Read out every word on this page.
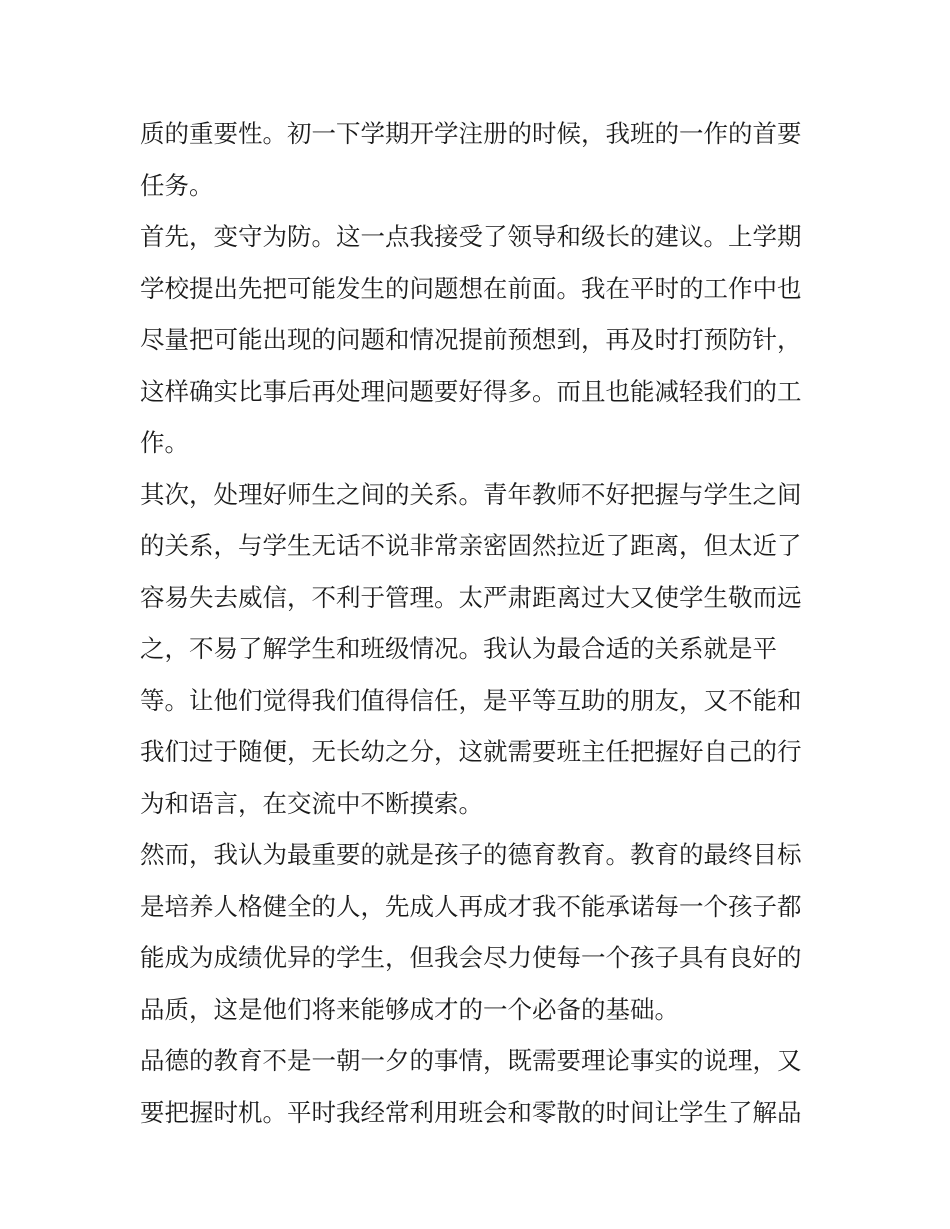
质的重要性。初一下学期开学注册的时候，我班的一作的首要
任务。
首先，变守为防。这一点我接受了领导和级长的建议。上学期
学校提出先把可能发生的问题想在前面。我在平时的工作中也
尽量把可能出现的问题和情况提前预想到，再及时打预防针，
这样确实比事后再处理问题要好得多。而且也能减轻我们的工
作。
其次，处理好师生之间的关系。青年教师不好把握与学生之间
的关系，与学生无话不说非常亲密固然拉近了距离，但太近了
容易失去威信，不利于管理。太严肃距离过大又使学生敬而远
之，不易了解学生和班级情况。我认为最合适的关系就是平
等。让他们觉得我们值得信任，是平等互助的朋友，又不能和
我们过于随便，无长幼之分，这就需要班主任把握好自己的行
为和语言，在交流中不断摸索。
然而，我认为最重要的就是孩子的德育教育。教育的最终目标
是培养人格健全的人，先成人再成才我不能承诺每一个孩子都
能成为成绩优异的学生，但我会尽力使每一个孩子具有良好的
品质，这是他们将来能够成才的一个必备的基础。
品德的教育不是一朝一夕的事情，既需要理论事实的说理，又
要把握时机。平时我经常利用班会和零散的时间让学生了解品
